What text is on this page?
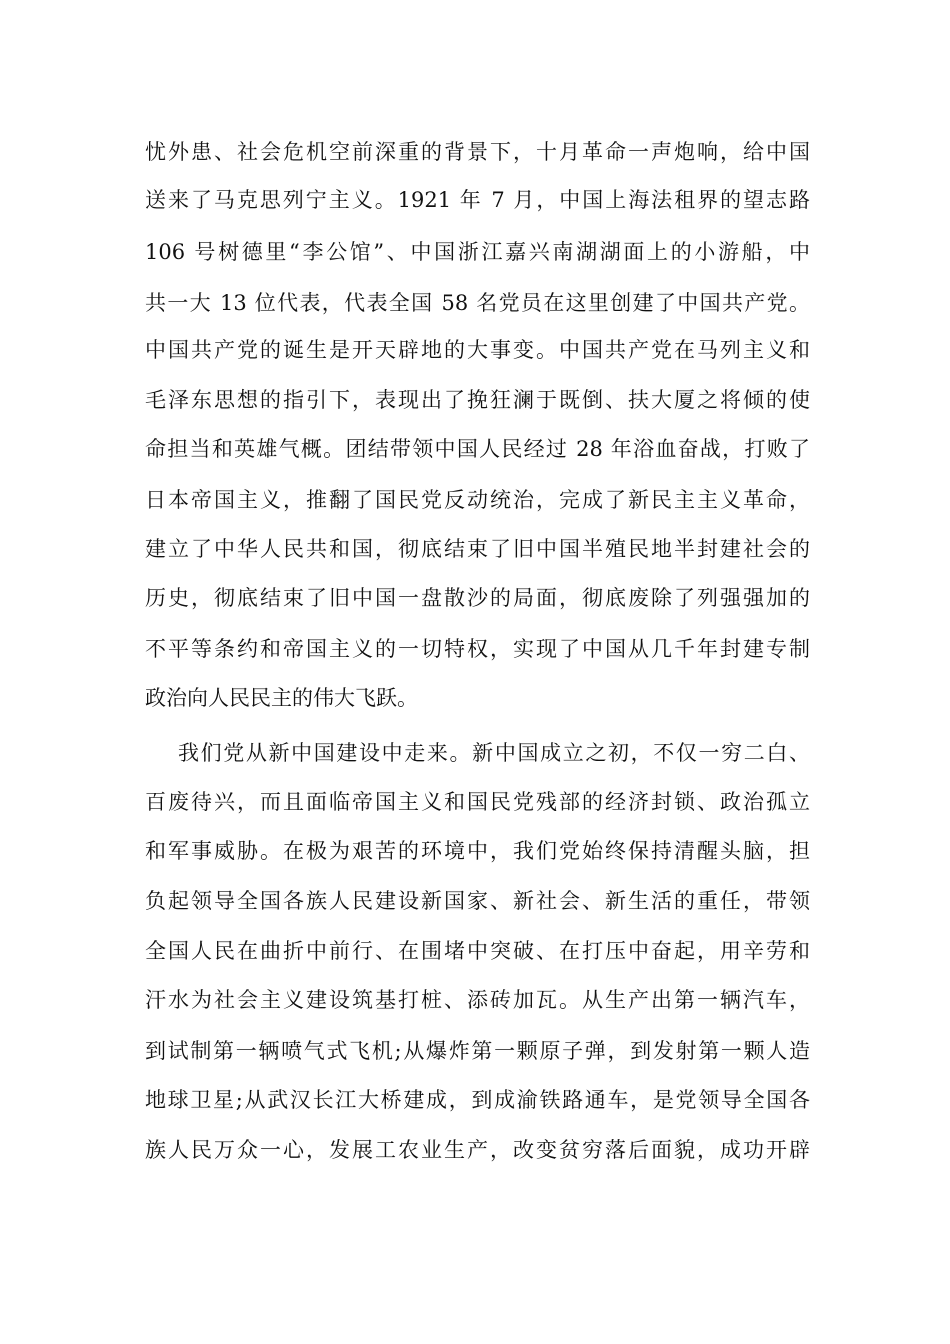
忧外患、社会危机空前深重的背景下，十月革命一声炮响，给中国
送来了马克思列宁主义。1921 年 7 月，中国上海法租界的望志路
106 号树德里“李公馆”、中国浙江嘉兴南湖湖面上的小游船，中
共一大 13 位代表，代表全国 58 名党员在这里创建了中国共产党。
中国共产党的诞生是开天辟地的大事变。中国共产党在马列主义和
毛泽东思想的指引下，表现出了挽狂澜于既倒、扶大厦之将倾的使
命担当和英雄气概。团结带领中国人民经过 28 年浴血奋战，打败了
日本帝国主义，推翻了国民党反动统治，完成了新民主主义革命，
建立了中华人民共和国，彻底结束了旧中国半殖民地半封建社会的
历史，彻底结束了旧中国一盘散沙的局面，彻底废除了列强强加的
不平等条约和帝国主义的一切特权，实现了中国从几千年封建专制
政治向人民民主的伟大飞跃。
我们党从新中国建设中走来。新中国成立之初，不仅一穷二白、
百废待兴，而且面临帝国主义和国民党残部的经济封锁、政治孤立
和军事威胁。在极为艰苦的环境中，我们党始终保持清醒头脑，担
负起领导全国各族人民建设新国家、新社会、新生活的重任，带领
全国人民在曲折中前行、在围堵中突破、在打压中奋起，用辛劳和
汗水为社会主义建设筑基打桩、添砖加瓦。从生产出第一辆汽车，
到试制第一辆喷气式飞机;从爆炸第一颗原子弹，到发射第一颗人造
地球卫星;从武汉长江大桥建成，到成渝铁路通车，是党领导全国各
族人民万众一心，发展工农业生产，改变贫穷落后面貌，成功开辟
